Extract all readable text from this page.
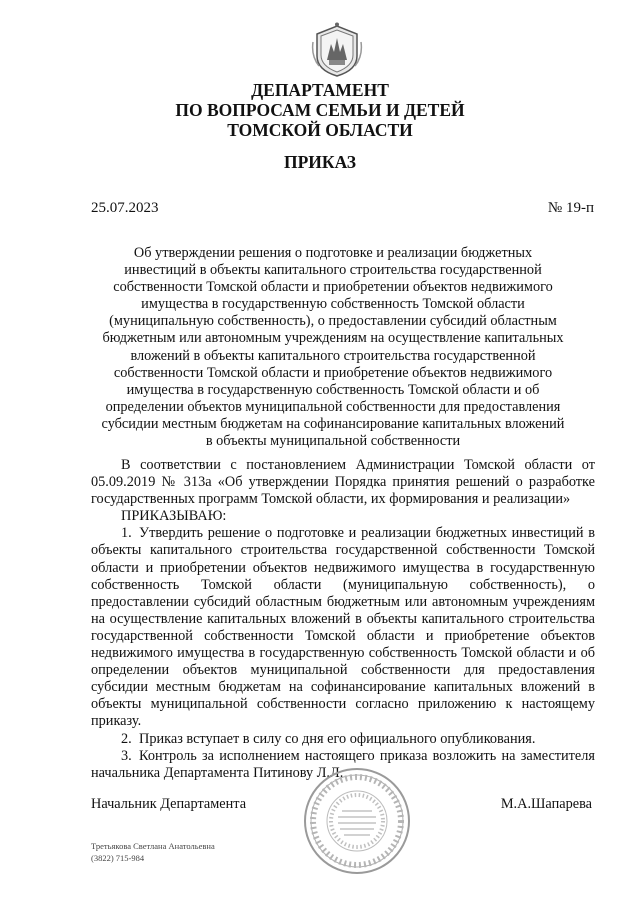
ДЕПАРТАМЕНТ
ПО ВОПРОСАМ СЕМЬИ И ДЕТЕЙ
ТОМСКОЙ ОБЛАСТИ
ПРИКАЗ
25.07.2023	№ 19-п
Об утверждении решения о подготовке и реализации бюджетных инвестиций в объекты капитального строительства государственной собственности Томской области и приобретении объектов недвижимого имущества в государственную собственность Томской области (муниципальную собственность), о предоставлении субсидий областным бюджетным или автономным учреждениям на осуществление капитальных вложений в объекты капитального строительства государственной собственности Томской области и приобретение объектов недвижимого имущества в государственную собственность Томской области и об определении объектов муниципальной собственности для предоставления субсидии местным бюджетам на софинансирование капитальных вложений в объекты муниципальной собственности

В соответствии с постановлением Администрации Томской области от 05.09.2019 № 313а «Об утверждении Порядка принятия решений о разработке государственных программ Томской области, их формирования и реализации»

ПРИКАЗЫВАЮ:

1. Утвердить решение о подготовке и реализации бюджетных инвестиций в объекты капитального строительства государственной собственности Томской области и приобретении объектов недвижимого имущества в государственную собственность Томской области (муниципальную собственность), о предоставлении субсидий областным бюджетным или автономным учреждениям на осуществление капитальных вложений в объекты капитального строительства государственной собственности Томской области и приобретение объектов недвижимого имущества в государственную собственность Томской области и об определении объектов муниципальной собственности для предоставления субсидии местным бюджетам на софинансирование капитальных вложений в объекты муниципальной собственности согласно приложению к настоящему приказу.

2. Приказ вступает в силу со дня его официального опубликования.

3. Контроль за исполнением настоящего приказа возложить на заместителя начальника Департамента Питинову Л.Л.

Начальник Департамента	М.А.Шапарева
Третьякова Светлана Анатольевна
(3822) 715-984
